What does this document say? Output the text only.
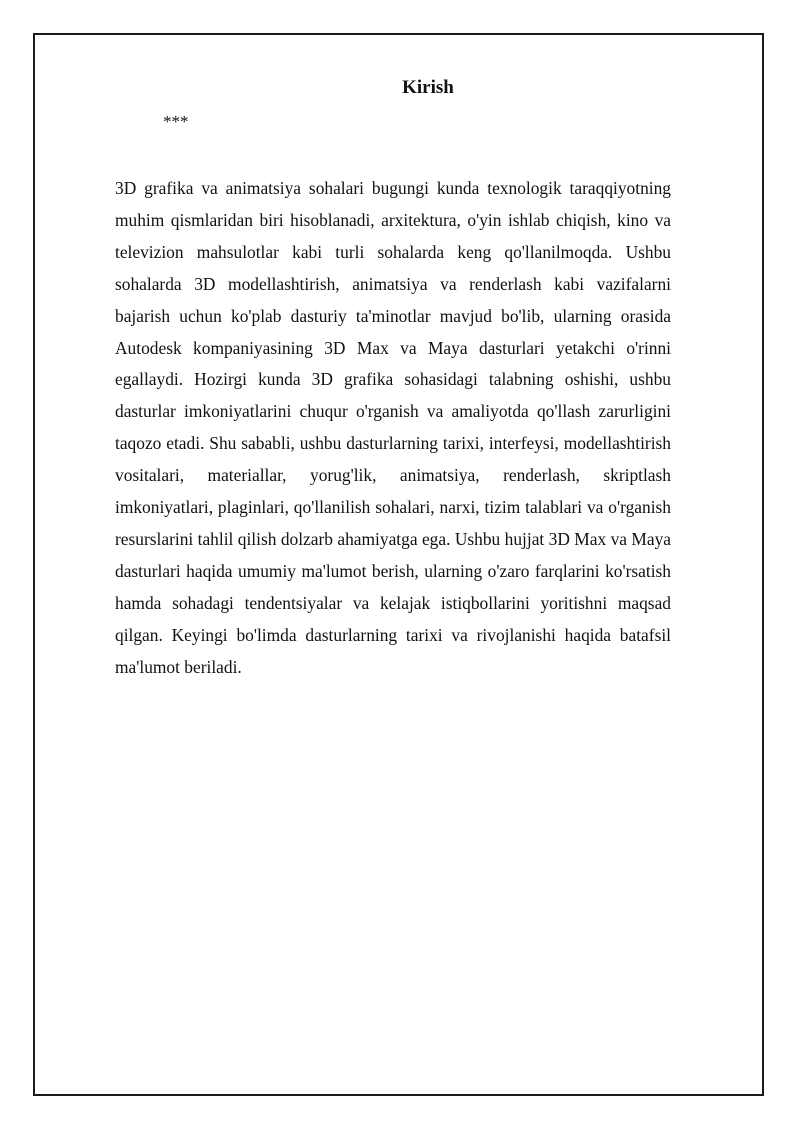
Kirish
***

3D grafika va animatsiya sohalari bugungi kunda texnologik taraqqiyotning muhim qismlaridan biri hisoblanadi, arxitektura, o'yin ishlab chiqish, kino va televizion mahsulotlar kabi turli sohalarda keng qo'llanilmoqda. Ushbu sohalarda 3D modellashtirish, animatsiya va renderlash kabi vazifalarni bajarish uchun ko'plab dasturiy ta'minotlar mavjud bo'lib, ularning orasida Autodesk kompaniyasining 3D Max va Maya dasturlari yetakchi o'rinni egallaydi. Hozirgi kunda 3D grafika sohasidagi talabning oshishi, ushbu dasturlar imkoniyatlarini chuqur o'rganish va amaliyotda qo'llash zarurligini taqozo etadi. Shu sababli, ushbu dasturlarning tarixi, interfeysi, modellashtirish vositalari, materiallar, yorug'lik, animatsiya, renderlash, skriptlash imkoniyatlari, plaginlari, qo'llanilish sohalari, narxi, tizim talablari va o'rganish resurslarini tahlil qilish dolzarb ahamiyatga ega. Ushbu hujjat 3D Max va Maya dasturlari haqida umumiy ma'lumot berish, ularning o'zaro farqlarini ko'rsatish hamda sohadagi tendentsiyalar va kelajak istiqbollarini yoritishni maqsad qilgan. Keyingi bo'limda dasturlarning tarixi va rivojlanishi haqida batafsil ma'lumot beriladi.
